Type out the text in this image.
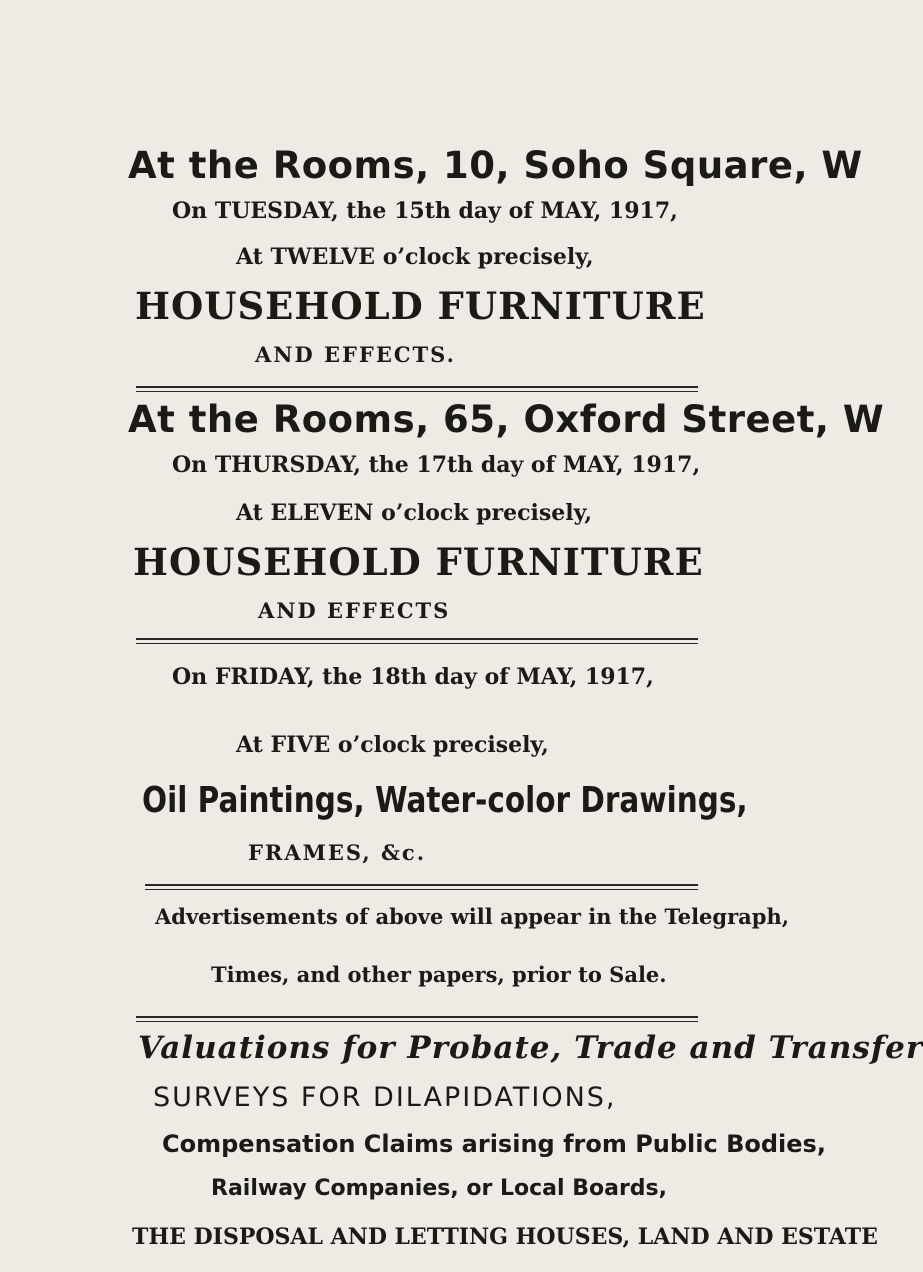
At the Rooms, 10, Soho Square, W
On TUESDAY, the 15th day of MAY, 1917,
At TWELVE o’clock precisely,
HOUSEHOLD FURNITURE
AND EFFECTS.
At the Rooms, 65, Oxford Street, W
On THURSDAY, the 17th day of MAY, 1917,
At ELEVEN o’clock precisely,
HOUSEHOLD FURNITURE
AND EFFECTS
On FRIDAY, the 18th day of MAY, 1917,
At FIVE o’clock precisely,
Oil Paintings, Water-color Drawings,
FRAMES, &c.
Advertisements of above will appear in the Telegraph,
Times, and other papers, prior to Sale.
Valuations for Probate, Trade and Transfer
SURVEYS FOR DILAPIDATIONS,
Compensation Claims arising from Public Bodies,
Railway Companies, or Local Boards,
THE DISPOSAL AND LETTING HOUSES, LAND AND ESTATE
